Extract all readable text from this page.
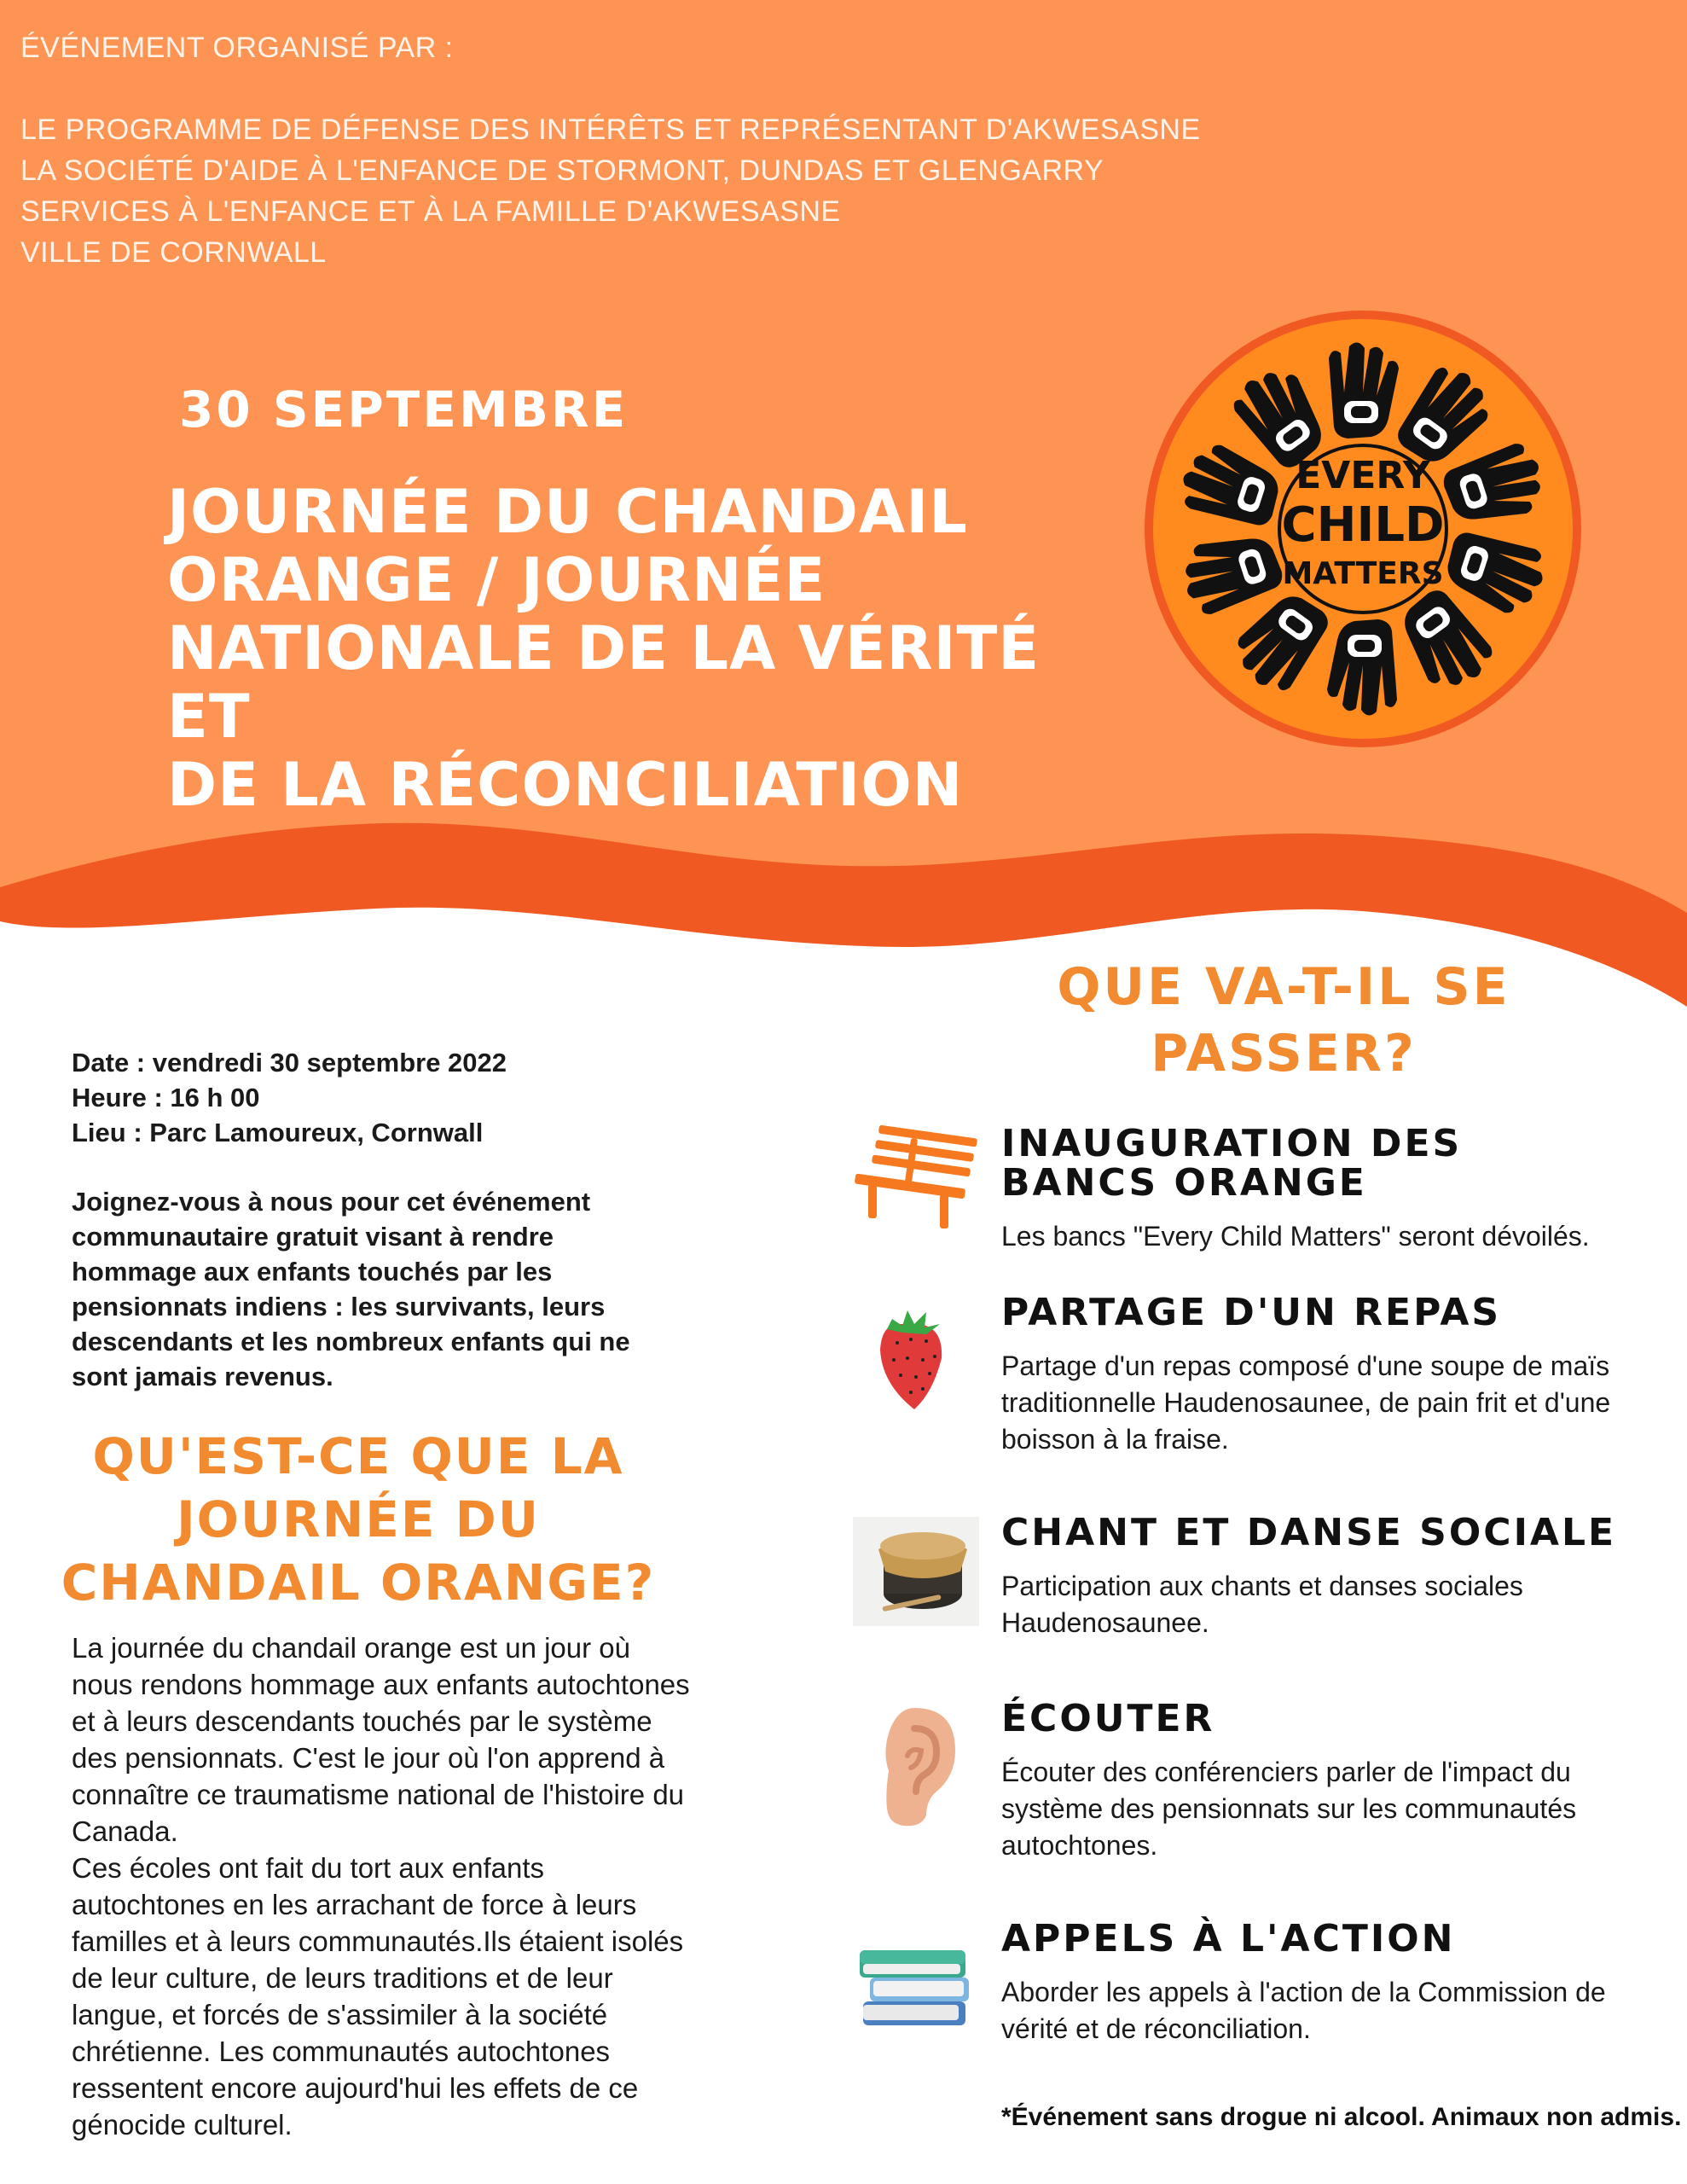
ÉVÉNEMENT ORGANISÉ PAR :
LE PROGRAMME DE DÉFENSE DES INTÉRÊTS ET REPRÉSENTANT D'AKWESASNE
LA SOCIÉTÉ D'AIDE À L'ENFANCE DE STORMONT, DUNDAS ET GLENGARRY
SERVICES À L'ENFANCE ET À LA FAMILLE D'AKWESASNE
VILLE DE CORNWALL
30 SEPTEMBRE
JOURNÉE DU CHANDAIL
ORANGE / JOURNÉE
NATIONALE DE LA VÉRITÉ ET
DE LA RÉCONCILIATION
EVERY
CHILD
MATTERS
Date : vendredi 30 septembre 2022
Heure : 16 h 00
Lieu : Parc Lamoureux, Cornwall
Joignez-vous à nous pour cet événement communautaire gratuit visant à rendre hommage aux enfants touchés par les pensionnats indiens : les survivants, leurs descendants et les nombreux enfants qui ne sont jamais revenus.
QU'EST-CE QUE LA
JOURNÉE DU
CHANDAIL ORANGE?
La journée du chandail orange est un jour où nous rendons hommage aux enfants autochtones et à leurs descendants touchés par le système des pensionnats. C'est le jour où l'on apprend à connaître ce traumatisme national de l'histoire du Canada.
Ces écoles ont fait du tort aux enfants autochtones en les arrachant de force à leurs familles et à leurs communautés.Ils étaient isolés de leur culture, de leurs traditions et de leur langue, et forcés de s'assimiler à la société chrétienne. Les communautés autochtones ressentent encore aujourd'hui les effets de ce génocide culturel.
QUE VA-T-IL SE
PASSER?
INAUGURATION DES
BANCS ORANGE

Les bancs "Every Child Matters" seront dévoilés.

PARTAGE D'UN REPAS

Partage d'un repas composé d'une soupe de maïs traditionnelle Haudenosaunee, de pain frit et d'une boisson à la fraise.

CHANT ET DANSE SOCIALE

Participation aux chants et danses sociales Haudenosaunee.

ÉCOUTER

Écouter des conférenciers parler de l'impact du système des pensionnats sur les communautés autochtones.

APPELS À L'ACTION

Aborder les appels à l'action de la Commission de vérité et de réconciliation.

*Événement sans drogue ni alcool. Animaux non admis.
